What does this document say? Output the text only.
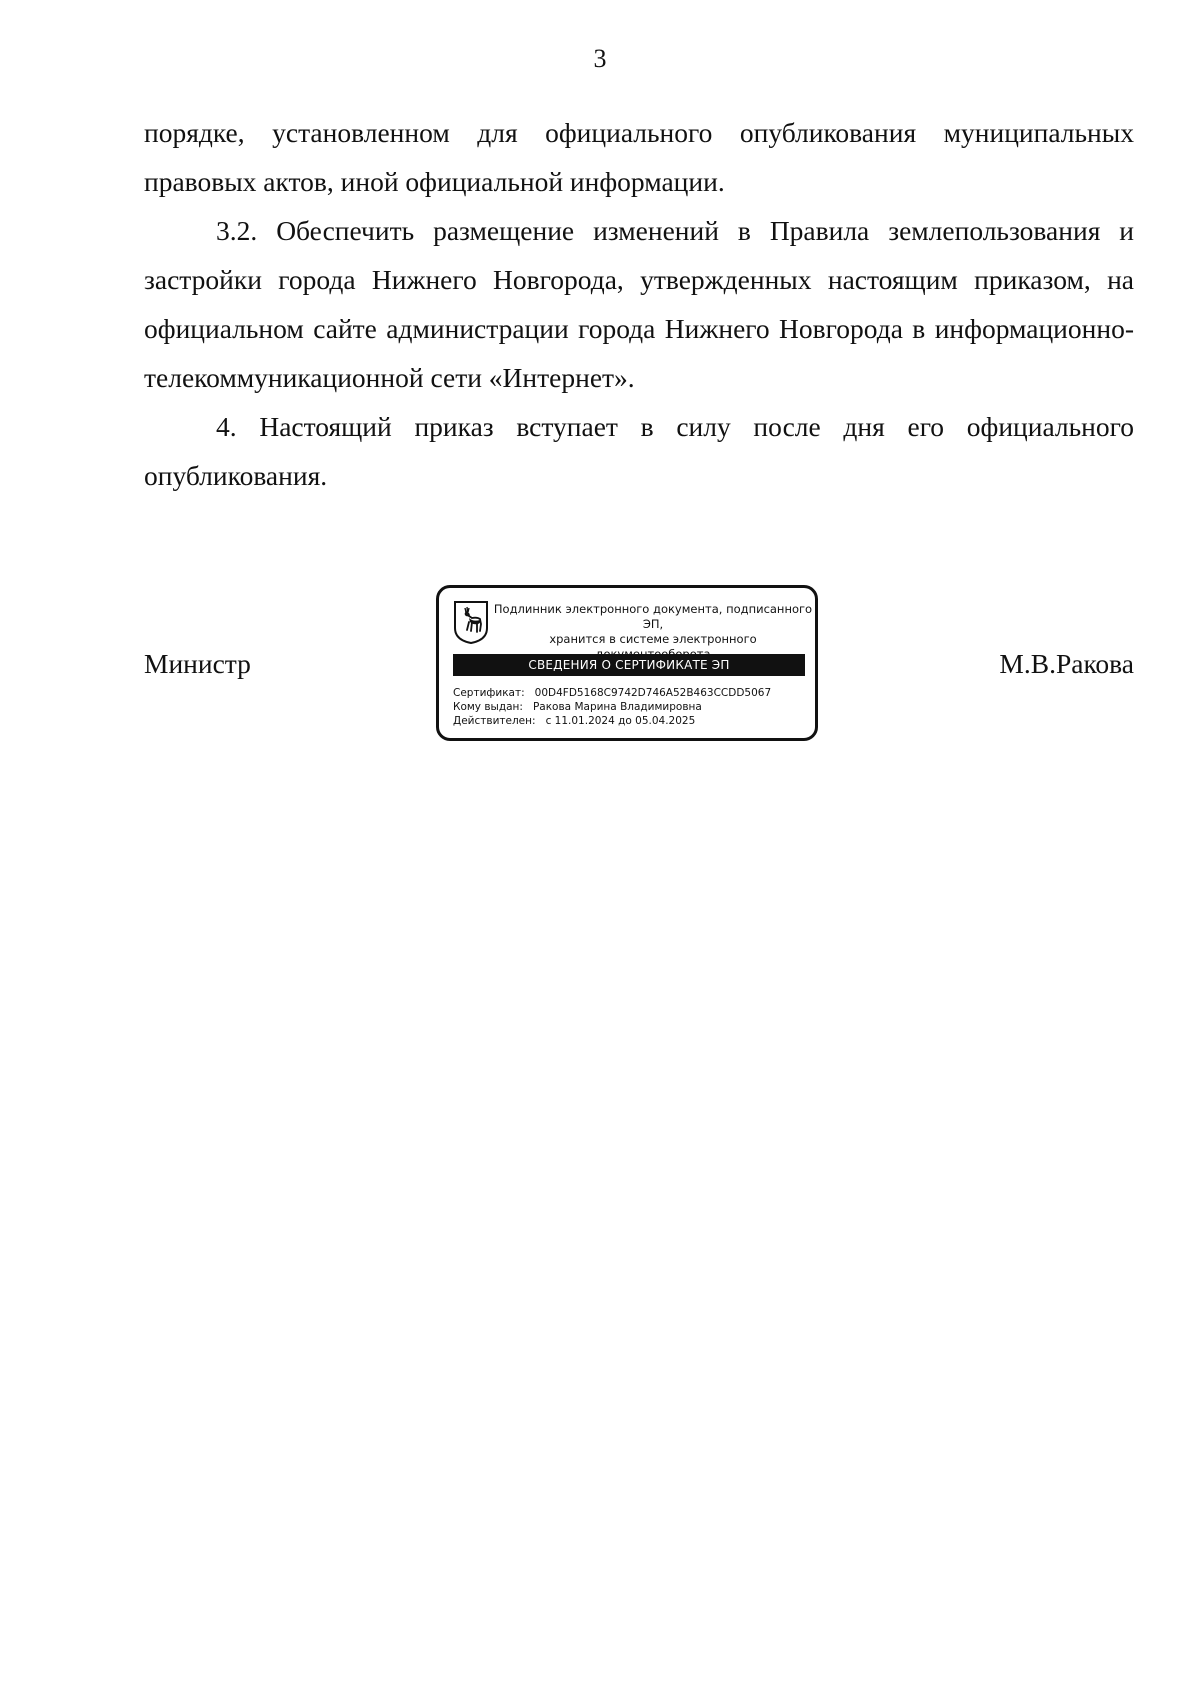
3

порядке, установленном для официального опубликования муниципальных правовых актов, иной официальной информации.

3.2. Обеспечить размещение изменений в Правила землепользования и застройки города Нижнего Новгорода, утвержденных настоящим приказом, на официальном сайте администрации города Нижнего Новгорода в информационно-телекоммуникационной сети «Интернет».

4. Настоящий приказ вступает в силу после дня его официального опубликования.

Министр	М.В.Ракова
Подлинник электронного документа, подписанного ЭП,
хранится в системе электронного
СВЕДЕНИЯ О СЕРТИФИКАТЕ ЭП
Сертификат:   00D4FD5168C9742D746A52B463CCDD5067
Кому выдан:   Ракова Марина Владимировна
Действителен:   с 11.01.2024 до 05.04.2025
